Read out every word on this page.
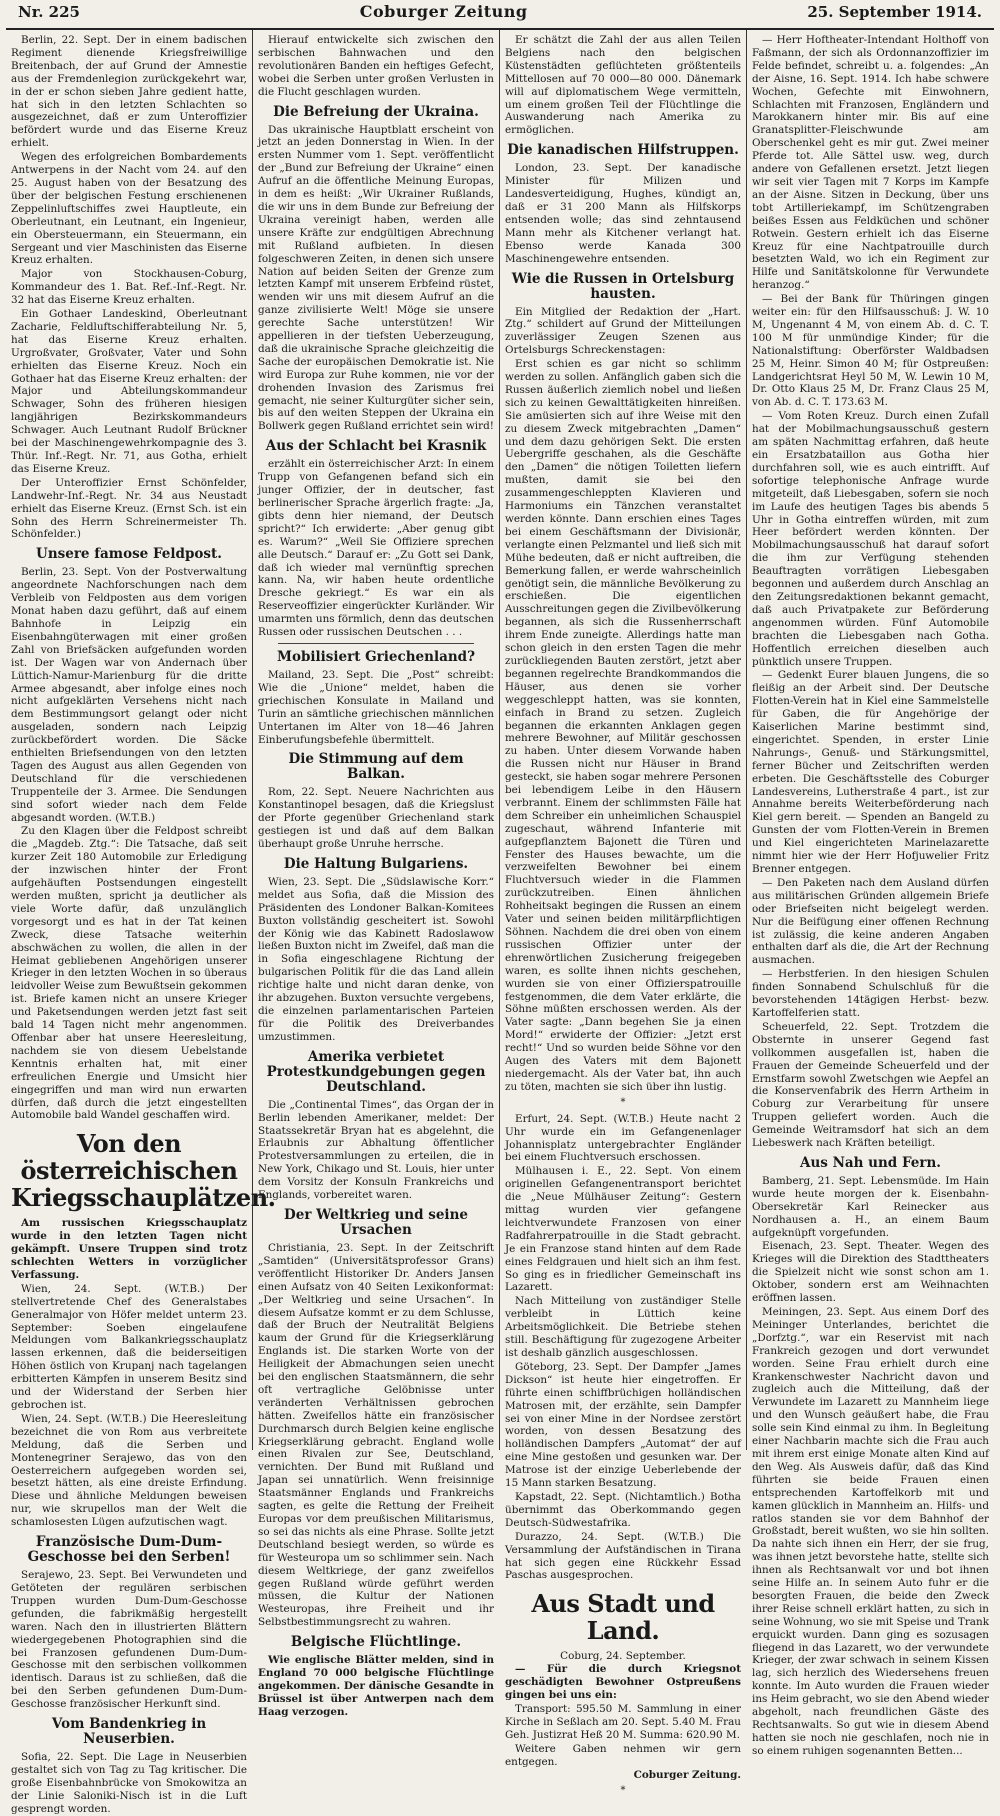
Nr. 225	Coburger Zeitung	25. September 1914.

Berlin, 22. Sept. Der in einem badischen Regiment dienende Kriegsfreiwillige Breitenbach, der auf Grund der Amnestie aus der Fremdenlegion zurückgekehrt war, in der er schon sieben Jahre gedient hatte, hat sich in den letzten Schlachten so ausgezeichnet, daß er zum Unteroffizier befördert wurde und das Eiserne Kreuz erhielt.

Wegen des erfolgreichen Bombardements Antwerpens in der Nacht vom 24. auf den 25. August haben von der Besatzung des über der belgischen Festung erschienenen Zeppelinluftschiffes zwei Hauptleute, ein Oberleutnant, ein Leutnant, ein Ingenieur, ein Obersteuermann, ein Steuermann, ein Sergeant und vier Maschinisten das Eiserne Kreuz erhalten.

Major von Stockhausen-Coburg, Kommandeur des 1. Bat. Ref.-Inf.-Regt. Nr. 32 hat das Eiserne Kreuz erhalten.

Ein Gothaer Landeskind, Oberleutnant Zacharie, Feldluftschifferabteilung Nr. 5, hat das Eiserne Kreuz erhalten. Urgroßvater, Großvater, Vater und Sohn erhielten das Eiserne Kreuz. Noch ein Gothaer hat das Eiserne Kreuz erhalten: der Major und Abteilungskommandeur Schwager, Sohn des früheren hiesigen langjährigen Bezirkskommandeurs Schwager. Auch Leutnant Rudolf Brückner bei der Maschinengewehrkompagnie des 3. Thür. Inf.-Regt. Nr. 71, aus Gotha, erhielt das Eiserne Kreuz.

Der Unteroffizier Ernst Schönfelder, Landwehr-Inf.-Regt. Nr. 34 aus Neustadt erhielt das Eiserne Kreuz. (Ernst Sch. ist ein Sohn des Herrn Schreinermeister Th. Schönfelder.)

Unsere famose Feldpost.

Berlin, 23. Sept. Von der Postverwaltung angeordnete Nachforschungen nach dem Verbleib von Feldposten aus dem vorigen Monat haben dazu geführt, daß auf einem Bahnhofe in Leipzig ein Eisenbahngüterwagen mit einer großen Zahl von Briefsäcken aufgefunden worden ist. Der Wagen war von Andernach über Lüttich-Namur-Marienburg für die dritte Armee abgesandt, aber infolge eines noch nicht aufgeklärten Versehens nicht nach dem Bestimmungsort gelangt oder nicht ausgeladen, sondern nach Leipzig zurückbefördert worden. Die Säcke enthielten Briefsendungen von den letzten Tagen des August aus allen Gegenden von Deutschland für die verschiedenen Truppenteile der 3. Armee. Die Sendungen sind sofort wieder nach dem Felde abgesandt worden. (W.T.B.)

Zu den Klagen über die Feldpost schreibt die „Magdeb. Ztg.“: Die Tatsache, daß seit kurzer Zeit 180 Automobile zur Erledigung der inzwischen hinter der Front aufgehäuften Postsendungen eingestellt werden mußten, spricht ja deutlicher als viele Worte dafür, daß unzulänglich vorgesorgt und es hat in der Tat keinen Zweck, diese Tatsache weiterhin abschwächen zu wollen, die allen in der Heimat gebliebenen Angehörigen unserer Krieger in den letzten Wochen in so überaus leidvoller Weise zum Bewußtsein gekommen ist. Briefe kamen nicht an unsere Krieger und Paketsendungen werden jetzt fast seit bald 14 Tagen nicht mehr angenommen. Offenbar aber hat unsere Heeresleitung, nachdem sie von diesem Uebelstande Kenntnis erhalten hat, mit einer erfreulichen Energie und Umsicht hier eingegriffen und man wird nun erwarten dürfen, daß durch die jetzt eingestellten Automobile bald Wandel geschaffen wird.

Von den österreichischen Kriegsschauplätzen.

Am russischen Kriegsschauplatz wurde in den letzten Tagen nicht gekämpft. Unsere Truppen sind trotz schlechten Wetters in vorzüglicher Verfassung.

Wien, 24. Sept. (W.T.B.) Der stellvertretende Chef des Generalstabes Generalmajor von Höfer meldet unterm 23. September: Soeben eingelaufene Meldungen vom Balkankriegsschauplatz lassen erkennen, daß die beiderseitigen Höhen östlich von Krupanj nach tagelangen erbitterten Kämpfen in unserem Besitz sind und der Widerstand der Serben hier gebrochen ist.

Wien, 24. Sept. (W.T.B.) Die Heeresleitung bezeichnet die von Rom aus verbreitete Meldung, daß die Serben und Montenegriner Serajewo, das von den Oesterreichern aufgegeben worden sei, besetzt hätten, als eine dreiste Erfindung. Diese und ähnliche Meldungen beweisen nur, wie skrupellos man der Welt die schamlosesten Lügen aufzutischen wagt.

Französische Dum-Dum-Geschosse bei den Serben!

Serajewo, 23. Sept. Bei Verwundeten und Getöteten der regulären serbischen Truppen wurden Dum-Dum-Geschosse gefunden, die fabrikmäßig hergestellt waren. Nach den in illustrierten Blättern wiedergegebenen Photographien sind die bei Franzosen gefundenen Dum-Dum-Geschosse mit den serbischen vollkommen identisch. Daraus ist zu schließen, daß die bei den Serben gefundenen Dum-Dum-Geschosse französischer Herkunft sind.

Vom Bandenkrieg in Neuserbien.

Sofia, 22. Sept. Die Lage in Neuserbien gestaltet sich von Tag zu Tag kritischer. Die große Eisenbahnbrücke von Smokowitza an der Linie Saloniki-Nisch ist in die Luft gesprengt worden.

Hierauf entwickelte sich zwischen den serbischen Bahnwachen und den revolutionären Banden ein heftiges Gefecht, wobei die Serben unter großen Verlusten in die Flucht geschlagen wurden.

Die Befreiung der Ukraina.

Das ukrainische Hauptblatt erscheint von jetzt an jeden Donnerstag in Wien. In der ersten Nummer vom 1. Sept. veröffentlicht der „Bund zur Befreiung der Ukraine“ einen Aufruf an die öffentliche Meinung Europas, in dem es heißt: „Wir Ukrainer Rußlands, die wir uns in dem Bunde zur Befreiung der Ukraina vereinigt haben, werden alle unsere Kräfte zur endgültigen Abrechnung mit Rußland aufbieten. In diesen folgeschweren Zeiten, in denen sich unsere Nation auf beiden Seiten der Grenze zum letzten Kampf mit unserem Erbfeind rüstet, wenden wir uns mit diesem Aufruf an die ganze zivilisierte Welt! Möge sie unsere gerechte Sache unterstützen! Wir appellieren in der tiefsten Ueberzeugung, daß die ukrainische Sprache gleichzeitig die Sache der europäischen Demokratie ist. Nie wird Europa zur Ruhe kommen, nie vor der drohenden Invasion des Zarismus frei gemacht, nie seiner Kulturgüter sicher sein, bis auf den weiten Steppen der Ukraina ein Bollwerk gegen Rußland errichtet sein wird!

Aus der Schlacht bei Krasnik

erzählt ein österreichischer Arzt: In einem Trupp von Gefangenen befand sich ein junger Offizier, der in deutscher, fast berlinerischer Sprache ärgerlich fragte: „Ja, gibts denn hier niemand, der Deutsch spricht?“ Ich erwiderte: „Aber genug gibt es. Warum?“ „Weil Sie Offiziere sprechen alle Deutsch.“ Darauf er: „Zu Gott sei Dank, daß ich wieder mal vernünftig sprechen kann. Na, wir haben heute ordentliche Dresche gekriegt.“ Es war ein als Reserveoffizier eingerückter Kurländer. Wir umarmten uns förmlich, denn das deutschen Russen oder russischen Deutschen . . .

Mobilisiert Griechenland?

Mailand, 23. Sept. Die „Post“ schreibt: Wie die „Unione“ meldet, haben die griechischen Konsulate in Mailand und Turin an sämtliche griechischen männlichen Untertanen im Alter von 18—46 Jahren Einberufungsbefehle übermittelt.

Die Stimmung auf dem Balkan.

Rom, 22. Sept. Neuere Nachrichten aus Konstantinopel besagen, daß die Kriegslust der Pforte gegenüber Griechenland stark gestiegen ist und daß auf dem Balkan überhaupt große Unruhe herrsche.

Die Haltung Bulgariens.

Wien, 23. Sept. Die „Südslawische Korr.“ meldet aus Sofia, daß die Mission des Präsidenten des Londoner Balkan-Komitees Buxton vollständig gescheitert ist. Sowohl der König wie das Kabinett Radoslawow ließen Buxton nicht im Zweifel, daß man die in Sofia eingeschlagene Richtung der bulgarischen Politik für die das Land allein richtige halte und nicht daran denke, von ihr abzugehen. Buxton versuchte vergebens, die einzelnen parlamentarischen Parteien für die Politik des Dreiverbandes umzustimmen.

Amerika verbietet Protestkundgebungen gegen Deutschland.

Die „Continental Times“, das Organ der in Berlin lebenden Amerikaner, meldet: Der Staatssekretär Bryan hat es abgelehnt, die Erlaubnis zur Abhaltung öffentlicher Protestversammlungen zu erteilen, die in New York, Chikago und St. Louis, hier unter dem Vorsitz der Konsuln Frankreichs und Englands, vorbereitet waren.

Der Weltkrieg und seine Ursachen

Christiania, 23. Sept. In der Zeitschrift „Samtiden“ (Universitätsprofessor Grans) veröffentlicht Historiker Dr. Anders Jansen einen Aufsatz von 40 Seiten Lexikonformat: „Der Weltkrieg und seine Ursachen“. In diesem Aufsatze kommt er zu dem Schlusse, daß der Bruch der Neutralität Belgiens kaum der Grund für die Kriegserklärung Englands ist. Die starken Worte von der Heiligkeit der Abmachungen seien unecht bei den englischen Staatsmännern, die sehr oft vertragliche Gelöbnisse unter veränderten Verhältnissen gebrochen hätten. Zweifellos hätte ein französischer Durchmarsch durch Belgien keine englische Kriegserklärung gebracht. England wolle einen Rivalen zur See, Deutschland, vernichten. Der Bund mit Rußland und Japan sei unnatürlich. Wenn freisinnige Staatsmänner Englands und Frankreichs sagten, es gelte die Rettung der Freiheit Europas vor dem preußischen Militarismus, so sei das nichts als eine Phrase. Sollte jetzt Deutschland besiegt werden, so würde es für Westeuropa um so schlimmer sein. Nach diesem Weltkriege, der ganz zweifellos gegen Rußland würde geführt werden müssen, die Kultur der Nationen Westeuropas, ihre Freiheit und ihr Selbstbestimmungsrecht zu wahren.

Belgische Flüchtlinge.

Wie englische Blätter melden, sind in England 70 000 belgische Flüchtlinge angekommen. Der dänische Gesandte in Brüssel ist über Antwerpen nach dem Haag verzogen.

Er schätzt die Zahl der aus allen Teilen Belgiens nach den belgischen Küstenstädten geflüchteten größtenteils Mittellosen auf 70 000—80 000. Dänemark will auf diplomatischem Wege vermitteln, um einem großen Teil der Flüchtlinge die Auswanderung nach Amerika zu ermöglichen.

Die kanadischen Hilfstruppen.

London, 23. Sept. Der kanadische Minister für Milizen und Landesverteidigung, Hughes, kündigt an, daß er 31 200 Mann als Hilfskorps entsenden wolle; das sind zehntausend Mann mehr als Kitchener verlangt hat. Ebenso werde Kanada 300 Maschinengewehre entsenden.

Wie die Russen in Ortelsburg hausten.

Ein Mitglied der Redaktion der „Hart. Ztg.“ schildert auf Grund der Mitteilungen zuverlässiger Zeugen Szenen aus Ortelsburgs Schreckenstagen:

Erst schien es gar nicht so schlimm werden zu sollen. Anfänglich gaben sich die Russen äußerlich ziemlich nobel und ließen sich zu keinen Gewalttätigkeiten hinreißen. Sie amüsierten sich auf ihre Weise mit den zu diesem Zweck mitgebrachten „Damen“ und dem dazu gehörigen Sekt. Die ersten Uebergriffe geschahen, als die Geschäfte den „Damen“ die nötigen Toiletten liefern mußten, damit sie bei den zusammengeschleppten Klavieren und Harmoniums ein Tänzchen veranstaltet werden könnte. Dann erschien eines Tages bei einem Geschäftsmann der Divisionär, verlangte einen Pelzmantel und ließ sich mit Mühe bedeuten, daß er nicht auftreiben, die Bemerkung fallen, er werde wahrscheinlich genötigt sein, die männliche Bevölkerung zu erschießen. Die eigentlichen Ausschreitungen gegen die Zivilbevölkerung begannen, als sich die Russenherrschaft ihrem Ende zuneigte. Allerdings hatte man schon gleich in den ersten Tagen die mehr zurückliegenden Bauten zerstört, jetzt aber begannen regelrechte Brandkommandos die Häuser, aus denen sie vorher weggeschleppt hatten, was sie konnten, einfach in Brand zu setzen. Zugleich begannen die erkannten Anklagen gegen mehrere Bewohner, auf Militär geschossen zu haben. Unter diesem Vorwande haben die Russen nicht nur Häuser in Brand gesteckt, sie haben sogar mehrere Personen bei lebendigem Leibe in den Häusern verbrannt. Einem der schlimmsten Fälle hat dem Schreiber ein unheimlichen Schauspiel zugeschaut, während Infanterie mit aufgepflanztem Bajonett die Türen und Fenster des Hauses bewachte, um die verzweifelten Bewohner bei einem Fluchtversuch wieder in die Flammen zurückzutreiben. Einen ähnlichen Rohheitsakt begingen die Russen an einem Vater und seinen beiden militärpflichtigen Söhnen. Nachdem die drei oben von einem russischen Offizier unter der ehrenwörtlichen Zusicherung freigegeben waren, es sollte ihnen nichts geschehen, wurden sie von einer Offizierspatrouille festgenommen, die dem Vater erklärte, die Söhne müßten erschossen werden. Als der Vater sagte: „Dann begehen Sie ja einen Mord!“ erwiderte der Offizier: „Jetzt erst recht!“ Und so wurden beide Söhne vor den Augen des Vaters mit dem Bajonett niedergemacht. Als der Vater bat, ihn auch zu töten, machten sie sich über ihn lustig.

*

Erfurt, 24. Sept. (W.T.B.) Heute nacht 2 Uhr wurde ein im Gefangenenlager Johannisplatz untergebrachter Engländer bei einem Fluchtversuch erschossen.

Mülhausen i. E., 22. Sept. Von einem originellen Gefangenentransport berichtet die „Neue Mülhäuser Zeitung“: Gestern mittag wurden vier gefangene leichtverwundete Franzosen von einer Radfahrerpatrouille in die Stadt gebracht. Je ein Franzose stand hinten auf dem Rade eines Feldgrauen und hielt sich an ihm fest. So ging es in friedlicher Gemeinschaft ins Lazarett.

Nach Mitteilung von zuständiger Stelle verbleibt in Lüttich keine Arbeitsmöglichkeit. Die Betriebe stehen still. Beschäftigung für zugezogene Arbeiter ist deshalb gänzlich ausgeschlossen.

Göteborg, 23. Sept. Der Dampfer „James Dickson“ ist heute hier eingetroffen. Er führte einen schiffbrüchigen holländischen Matrosen mit, der erzählte, sein Dampfer sei von einer Mine in der Nordsee zerstört worden, von dessen Besatzung des holländischen Dampfers „Automat“ der auf eine Mine gestoßen und gesunken war. Der Matrose ist der einzige Ueberlebende der 15 Mann starken Besatzung.

Kapstadt, 22. Sept. (Nichtamtlich.) Botha übernimmt das Oberkommando gegen Deutsch-Südwestafrika.

Durazzo, 24. Sept. (W.T.B.) Die Versammlung der Aufständischen in Tirana hat sich gegen eine Rückkehr Essad Paschas ausgesprochen.

Aus Stadt und Land.
Coburg, 24. September.

— Für die durch Kriegsnot geschädigten Bewohner Ostpreußens gingen bei uns ein:

Transport: 595.50 M. Sammlung in einer Kirche in Seßlach am 20. Sept. 5.40 M. Frau Geh. Justizrat Heß 20 M. Summa: 620.90 M.

Weitere Gaben nehmen wir gern entgegen.

Coburger Zeitung.
*

— Herr Hoftheater-Intendant Holthoff von Faßmann, der sich als Ordonnanzoffizier im Felde befindet, schreibt u. a. folgendes: „An der Aisne, 16. Sept. 1914. Ich habe schwere Wochen, Gefechte mit Einwohnern, Schlachten mit Franzosen, Engländern und Marokkanern hinter mir. Bis auf eine Granatsplitter-Fleischwunde am Oberschenkel geht es mir gut. Zwei meiner Pferde tot. Alle Sättel usw. weg, durch andere von Gefallenen ersetzt. Jetzt liegen wir seit vier Tagen mit 7 Korps im Kampfe an der Aisne. Sitzen in Deckung, über uns tobt Artilleriekampf, im Schützengraben beißes Essen aus Feldküchen und schöner Rotwein. Gestern erhielt ich das Eiserne Kreuz für eine Nachtpatrouille durch besetzten Wald, wo ich ein Regiment zur Hilfe und Sanitätskolonne für Verwundete heranzog.“

— Bei der Bank für Thüringen gingen weiter ein: für den Hilfsausschuß: J. W. 10 M, Ungenannt 4 M, von einem Ab. d. C. T. 100 M für unmündige Kinder; für die Nationalstiftung: Oberförster Waldbadsen 25 M, Heinr. Simon 40 M; für Ostpreußen: Landgerichtsrat Heyl 50 M, W. Lewin 10 M, Dr. Otto Klaus 25 M, Dr. Franz Claus 25 M, von Ab. d. C. T. 173.63 M.

— Vom Roten Kreuz. Durch einen Zufall hat der Mobilmachungsausschuß gestern am späten Nachmittag erfahren, daß heute ein Ersatzbataillon aus Gotha hier durchfahren soll, wie es auch eintrifft. Auf sofortige telephonische Anfrage wurde mitgeteilt, daß Liebesgaben, sofern sie noch im Laufe des heutigen Tages bis abends 5 Uhr in Gotha eintreffen würden, mit zum Heer befördert werden könnten. Der Mobilmachungsausschuß hat darauf sofort die ihm zur Verfügung stehenden Beauftragten vorrätigen Liebesgaben begonnen und außerdem durch Anschlag an den Zeitungsredaktionen bekannt gemacht, daß auch Privatpakete zur Beförderung angenommen würden. Fünf Automobile brachten die Liebesgaben nach Gotha. Hoffentlich erreichen dieselben auch pünktlich unsere Truppen.

— Gedenkt Eurer blauen Jungens, die so fleißig an der Arbeit sind. Der Deutsche Flotten-Verein hat in Kiel eine Sammelstelle für Gaben, die für Angehörige der Kaiserlichen Marine bestimmt sind, eingerichtet. Spenden, in erster Linie Nahrungs-, Genuß- und Stärkungsmittel, ferner Bücher und Zeitschriften werden erbeten. Die Geschäftsstelle des Coburger Landesvereins, Lutherstraße 4 part., ist zur Annahme bereits Weiterbeförderung nach Kiel gern bereit. — Spenden an Bangeld zu Gunsten der vom Flotten-Verein in Bremen und Kiel eingerichteten Marinelazarette nimmt hier wie der Herr Hofjuwelier Fritz Brenner entgegen.

— Den Paketen nach dem Ausland dürfen aus militärischen Gründen allgemein Briefe oder Briefseiten nicht beigelegt werden. Nur die Beifügung einer offenen Rechnung ist zulässig, die keine anderen Angaben enthalten darf als die, die Art der Rechnung ausmachen.

— Herbstferien. In den hiesigen Schulen finden Sonnabend Schulschluß für die bevorstehenden 14tägigen Herbst- bezw. Kartoffelferien statt.

Scheuerfeld, 22. Sept. Trotzdem die Obsternte in unserer Gegend fast vollkommen ausgefallen ist, haben die Frauen der Gemeinde Scheuerfeld und der Ernstfarm sowohl Zwetschgen wie Aepfel an die Konservenfabrik des Herrn Artheim in Coburg zur Verarbeitung für unsere Truppen geliefert worden. Auch die Gemeinde Weitramsdorf hat sich an dem Liebeswerk nach Kräften beteiligt.

Aus Nah und Fern.

Bamberg, 21. Sept. Lebensmüde. Im Hain wurde heute morgen der k. Eisenbahn-Obersekretär Karl Reinecker aus Nordhausen a. H., an einem Baum aufgeknüpft vorgefunden.

Eisenach, 23. Sept. Theater. Wegen des Krieges will die Direktion des Stadttheaters die Spielzeit nicht wie sonst schon am 1. Oktober, sondern erst am Weihnachten eröffnen lassen.

Meiningen, 23. Sept. Aus einem Dorf des Meininger Unterlandes, berichtet die „Dorfztg.“, war ein Reservist mit nach Frankreich gezogen und dort verwundet worden. Seine Frau erhielt durch eine Krankenschwester Nachricht davon und zugleich auch die Mitteilung, daß der Verwundete im Lazarett zu Mannheim liege und den Wunsch geäußert habe, die Frau solle sein Kind einmal zu ihm. In Begleitung einer Nachbarin machte sich die Frau auch mit ihrem erst einige Monate alten Kind auf den Weg. Als Ausweis dafür, daß das Kind führten sie beide Frauen einen entsprechenden Kartoffelkorb mit und kamen glücklich in Mannheim an. Hilfs- und ratlos standen sie vor dem Bahnhof der Großstadt, bereit wußten, wo sie hin sollten. Da nahte sich ihnen ein Herr, der sie frug, was ihnen jetzt bevorstehe hatte, stellte sich ihnen als Rechtsanwalt vor und bot ihnen seine Hilfe an. In seinem Auto fuhr er die besorgten Frauen, die beide den Zweck ihrer Reise schnell erklärt hatten, zu sich in seine Wohnung, wo sie mit Speise und Trank erquickt wurden. Dann ging es sozusagen fliegend in das Lazarett, wo der verwundete Krieger, der zwar schwach in seinem Kissen lag, sich herzlich des Wiedersehens freuen konnte. Im Auto wurden die Frauen wieder ins Heim gebracht, wo sie den Abend wieder abgeholt, nach freundlichen Gäste des Rechtsanwalts. So gut wie in diesem Abend hatten sie noch nie geschlafen, noch nie in so einem ruhigen sogenannten Betten...
